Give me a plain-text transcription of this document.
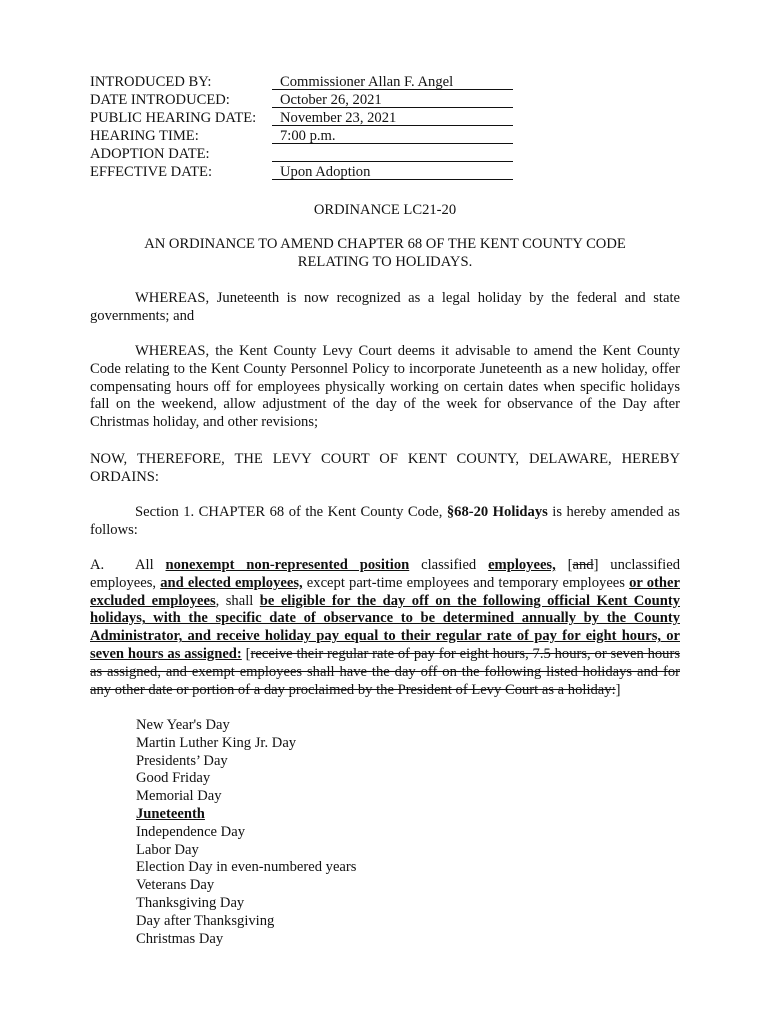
INTRODUCED BY:	Commissioner Allan F. Angel
DATE INTRODUCED:	October 26, 2021
PUBLIC HEARING DATE:	November 23, 2021
HEARING TIME:	7:00 p.m.
ADOPTION DATE:
EFFECTIVE DATE:	Upon Adoption
ORDINANCE LC21-20
AN ORDINANCE TO AMEND CHAPTER 68 OF THE KENT COUNTY CODE
RELATING TO HOLIDAYS.

WHEREAS, Juneteenth is now recognized as a legal holiday by the federal and state governments; and

WHEREAS, the Kent County Levy Court deems it advisable to amend the Kent County Code relating to the Kent County Personnel Policy to incorporate Juneteenth as a new holiday, offer compensating hours off for employees physically working on certain dates when specific holidays fall on the weekend, allow adjustment of the day of the week for observance of the Day after Christmas holiday, and other revisions;

NOW, THEREFORE, THE LEVY COURT OF KENT COUNTY, DELAWARE, HEREBY ORDAINS:

Section 1. CHAPTER 68 of the Kent County Code, §68-20 Holidays is hereby amended as follows:

A. All nonexempt non-represented position classified employees, [and] unclassified employees, and elected employees, except part-time employees and temporary employees or other excluded employees, shall be eligible for the day off on the following official Kent County holidays, with the specific date of observance to be determined annually by the County Administrator, and receive holiday pay equal to their regular rate of pay for eight hours, or seven hours as assigned: [receive their regular rate of pay for eight hours, 7.5 hours, or seven hours as assigned, and exempt employees shall have the day off on the following listed holidays and for any other date or portion of a day proclaimed by the President of Levy Court as a holiday:]

New Year's Day
Martin Luther King Jr. Day
Presidents’ Day
Good Friday
Memorial Day
Juneteenth
Independence Day
Labor Day
Election Day in even-numbered years
Veterans Day
Thanksgiving Day
Day after Thanksgiving
Christmas Day
